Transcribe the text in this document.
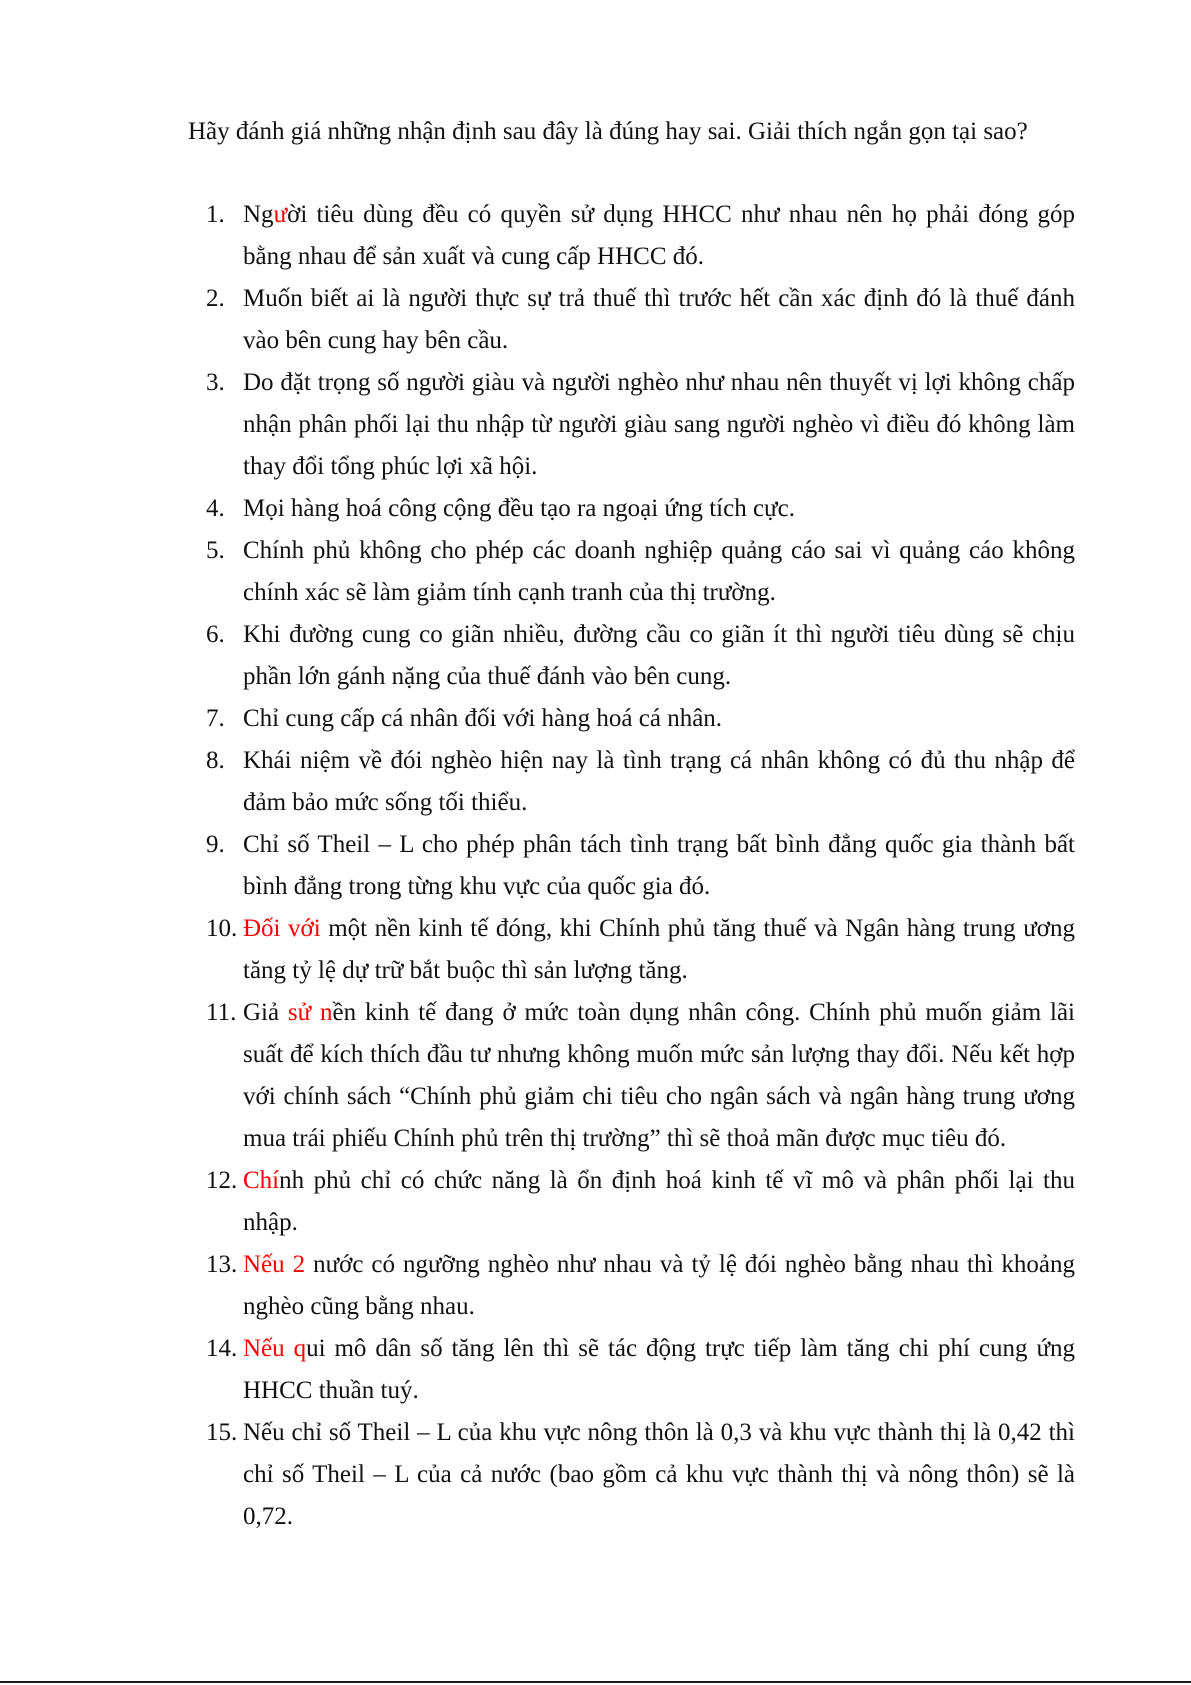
Hãy đánh giá những nhận định sau đây là đúng hay sai. Giải thích ngắn gọn tại sao?

1. Người tiêu dùng đều có quyền sử dụng HHCC như nhau nên họ phải đóng góp bằng nhau để sản xuất và cung cấp HHCC đó.
2. Muốn biết ai là người thực sự trả thuế thì trước hết cần xác định đó là thuế đánh vào bên cung hay bên cầu.
3. Do đặt trọng số người giàu và người nghèo như nhau nên thuyết vị lợi không chấp nhận phân phối lại thu nhập từ người giàu sang người nghèo vì điều đó không làm thay đổi tổng phúc lợi xã hội.
4. Mọi hàng hoá công cộng đều tạo ra ngoại ứng tích cực.
5. Chính phủ không cho phép các doanh nghiệp quảng cáo sai vì quảng cáo không chính xác sẽ làm giảm tính cạnh tranh của thị trường.
6. Khi đường cung co giãn nhiều, đường cầu co giãn ít thì người tiêu dùng sẽ chịu phần lớn gánh nặng của thuế đánh vào bên cung.
7. Chỉ cung cấp cá nhân đối với hàng hoá cá nhân.
8. Khái niệm về đói nghèo hiện nay là tình trạng cá nhân không có đủ thu nhập để đảm bảo mức sống tối thiểu.
9. Chỉ số Theil – L cho phép phân tách tình trạng bất bình đẳng quốc gia thành bất bình đẳng trong từng khu vực của quốc gia đó.
10. Đối với một nền kinh tế đóng, khi Chính phủ tăng thuế và Ngân hàng trung ương tăng tỷ lệ dự trữ bắt buộc thì sản lượng tăng.
11. Giả sử nền kinh tế đang ở mức toàn dụng nhân công. Chính phủ muốn giảm lãi suất để kích thích đầu tư nhưng không muốn mức sản lượng thay đổi. Nếu kết hợp với chính sách “Chính phủ giảm chi tiêu cho ngân sách và ngân hàng trung ương mua trái phiếu Chính phủ trên thị trường” thì sẽ thoả mãn được mục tiêu đó.
12. Chính phủ chỉ có chức năng là ổn định hoá kinh tế vĩ mô và phân phối lại thu nhập.
13. Nếu 2 nước có ngưỡng nghèo như nhau và tỷ lệ đói nghèo bằng nhau thì khoảng nghèo cũng bằng nhau.
14. Nếu qui mô dân số tăng lên thì sẽ tác động trực tiếp làm tăng chi phí cung ứng HHCC thuần tuý.
15. Nếu chỉ số Theil – L của khu vực nông thôn là 0,3 và khu vực thành thị là 0,42 thì chỉ số Theil – L của cả nước (bao gồm cả khu vực thành thị và nông thôn) sẽ là 0,72.
